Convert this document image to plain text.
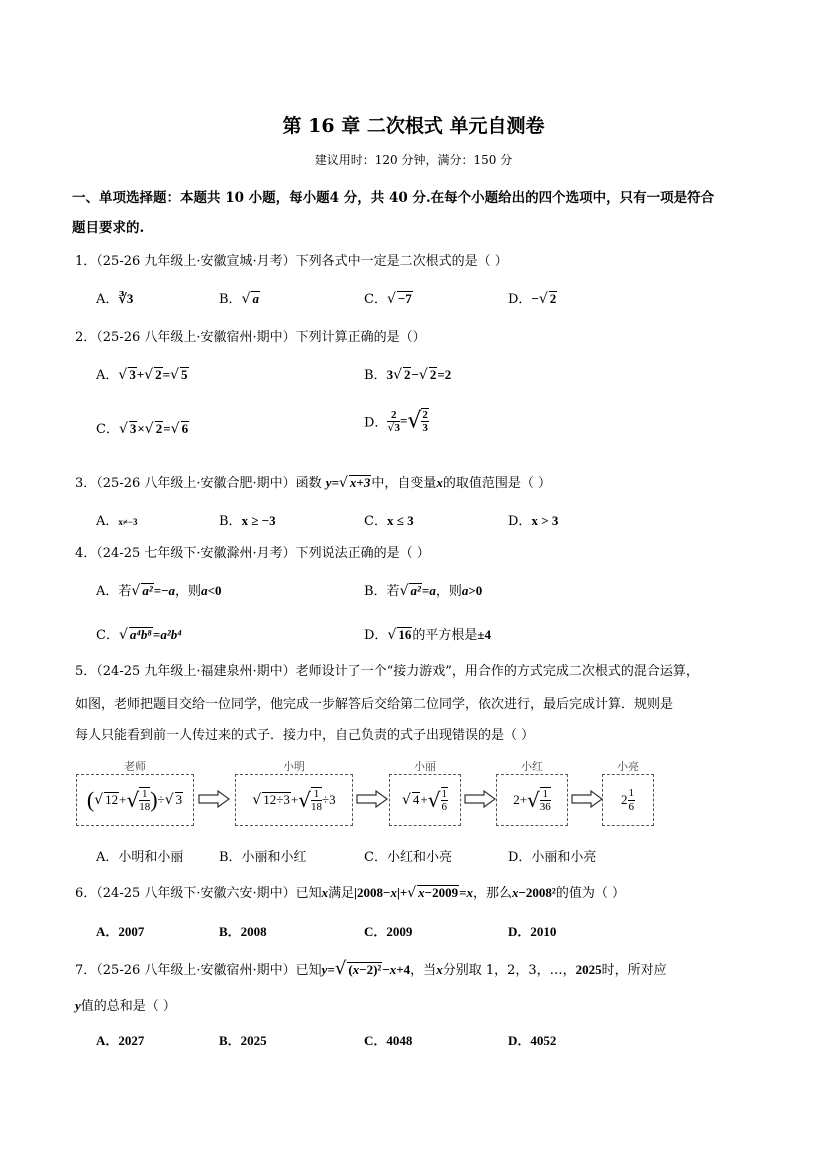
第 16 章 二次根式 单元自测卷
建议用时：120 分钟，满分：150 分
一、单项选择题：本题共 10 小题，每小题4 分，共 40 分.在每个小题给出的四个选项中，只有一项是符合
题目要求的.
1．（25-26 九年级上·安徽宣城·月考）下列各式中一定是二次根式的是（ ）
A．∛3	B．√ a	C．√ −7	D．−√ 2
2．（25-26 八年级上·安徽宿州·期中）下列计算正确的是（）
A．√ 3+√ 2=√ 5	B．3√ 2−√ 2=2
C．√ 3×√ 2=√ 6	D． $\frac{2}{√3}$ =√ $\frac{2}{3}$
3．（25-26 八年级上·安徽合肥·期中）函数 y=√ x+3中，自变量x的取值范围是（ ）
A．x≠−3	B．x ≥ −3	C．x ≤ 3	D．x > 3
4．（24-25 七年级下·安徽滁州·月考）下列说法正确的是（ ）
A．若√ a²=−a，则a<0	B．若√ a²=a，则a>0
C．√ a⁴b⁸=a²b⁴	D．√ 16的平方根是±4
5．（24-25 九年级上·福建泉州·期中）老师设计了一个“接力游戏”，用合作的方式完成二次根式的混合运算，
如图，老师把题目交给一位同学，他完成一步解答后交给第二位同学，依次进行，最后完成计算．规则是
每人只能看到前一人传过来的式子．接力中，自己负责的式子出现错误的是（ ）
老师
( √ 12 + √ $\frac{1}{18}$ ) ÷ √ 3
小明
√ 12÷3 + √ $\frac{1}{18} \div 3$
小丽
√ 4 + √ $\frac{1}{6}$
小红
2+ √ $\frac{1}{36}$
小亮
$2 \frac{1}{6}$
A．小明和小丽	B．小丽和小红	C．小红和小亮	D．小丽和小亮
6．（24-25 八年级下·安徽六安·期中）已知x满足|2008−x|+√ x−2009=x，那么x−2008²的值为（ ）
A．2007	B．2008	C．2009	D．2010
7．（25-26 八年级上·安徽宿州·期中）已知y=√ (x−2)²−x+4，当x分别取 1，2，3，…，2025时，所对应
y值的总和是（ ）
A．2027	B．2025	C．4048	D．4052
